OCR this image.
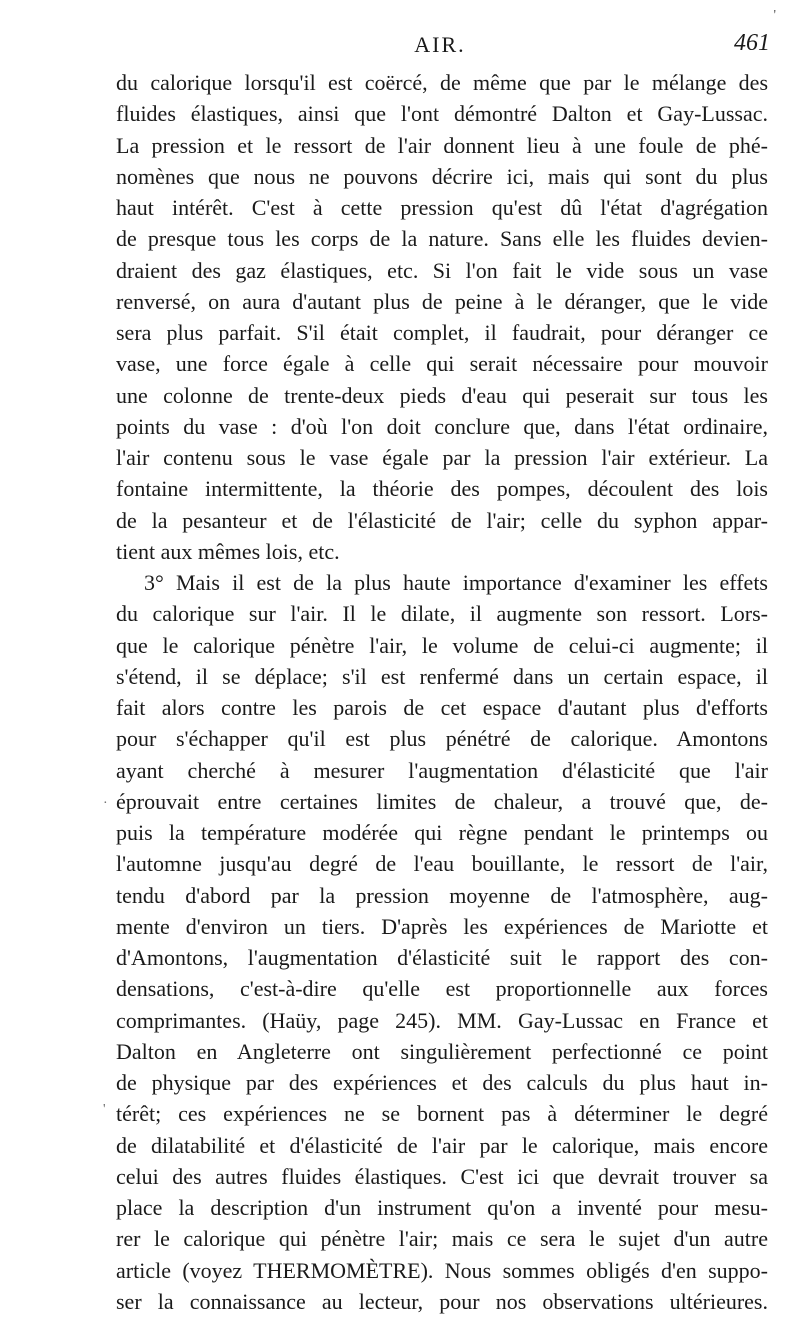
'
AIR.	461
·
'
du calorique lorsqu'il est coërcé, de même que par le mélange des
fluides élastiques, ainsi que l'ont démontré Dalton et Gay-Lussac.
La pression et le ressort de l'air donnent lieu à une foule de phé-
nomènes que nous ne pouvons décrire ici, mais qui sont du plus
haut intérêt. C'est à cette pression qu'est dû l'état d'agrégation
de presque tous les corps de la nature. Sans elle les fluides devien-
draient des gaz élastiques, etc. Si l'on fait le vide sous un vase
renversé, on aura d'autant plus de peine à le déranger, que le vide
sera plus parfait. S'il était complet, il faudrait, pour déranger ce
vase, une force égale à celle qui serait nécessaire pour mouvoir
une colonne de trente-deux pieds d'eau qui peserait sur tous les
points du vase : d'où l'on doit conclure que, dans l'état ordinaire,
l'air contenu sous le vase égale par la pression l'air extérieur. La
fontaine intermittente, la théorie des pompes, découlent des lois
de la pesanteur et de l'élasticité de l'air; celle du syphon appar-
tient aux mêmes lois, etc.
3° Mais il est de la plus haute importance d'examiner les effets
du calorique sur l'air. Il le dilate, il augmente son ressort. Lors-
que le calorique pénètre l'air, le volume de celui-ci augmente; il
s'étend, il se déplace; s'il est renfermé dans un certain espace, il
fait alors contre les parois de cet espace d'autant plus d'efforts
pour s'échapper qu'il est plus pénétré de calorique. Amontons
ayant cherché à mesurer l'augmentation d'élasticité que l'air
éprouvait entre certaines limites de chaleur, a trouvé que, de-
puis la température modérée qui règne pendant le printemps ou
l'automne jusqu'au degré de l'eau bouillante, le ressort de l'air,
tendu d'abord par la pression moyenne de l'atmosphère, aug-
mente d'environ un tiers. D'après les expériences de Mariotte et
d'Amontons, l'augmentation d'élasticité suit le rapport des con-
densations, c'est-à-dire qu'elle est proportionnelle aux forces
comprimantes. (Haüy, page 245). MM. Gay-Lussac en France et
Dalton en Angleterre ont singulièrement perfectionné ce point
de physique par des expériences et des calculs du plus haut in-
térêt; ces expériences ne se bornent pas à déterminer le degré
de dilatabilité et d'élasticité de l'air par le calorique, mais encore
celui des autres fluides élastiques. C'est ici que devrait trouver sa
place la description d'un instrument qu'on a inventé pour mesu-
rer le calorique qui pénètre l'air; mais ce sera le sujet d'un autre
article (voyez THERMOMÈTRE). Nous sommes obligés d'en suppo-
ser la connaissance au lecteur, pour nos observations ultérieures.
